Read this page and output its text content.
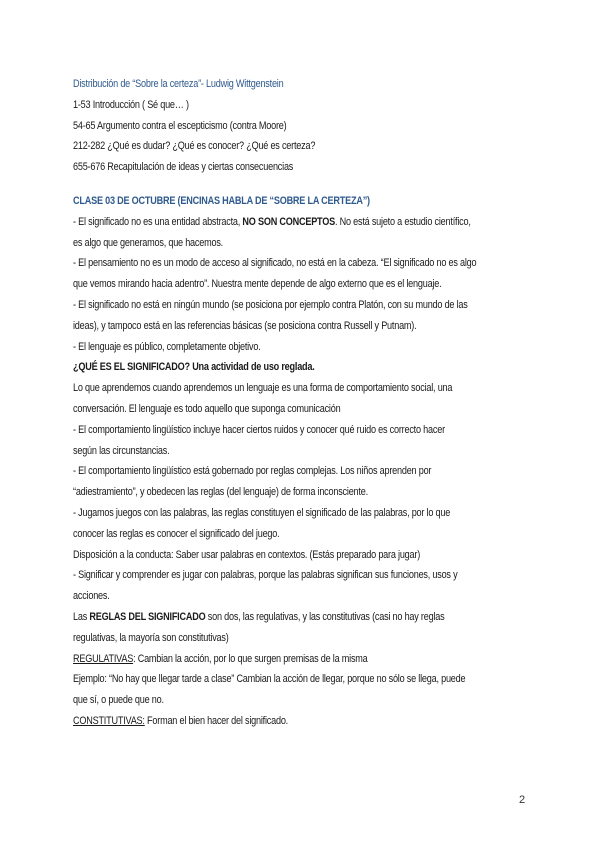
Distribución de “Sobre la certeza”- Ludwig Wittgenstein
1-53 Introducción ( Sé que… )
54-65 Argumento contra el escepticismo (contra Moore)
212-282 ¿Qué es dudar? ¿Qué es conocer? ¿Qué es certeza?
655-676 Recapitulación de ideas y ciertas consecuencias
CLASE 03 DE OCTUBRE (ENCINAS HABLA DE “SOBRE LA CERTEZA”)
- El significado no es una entidad abstracta, NO SON CONCEPTOS. No está sujeto a estudio científico,
es algo que generamos, que hacemos.
- El pensamiento no es un modo de acceso al significado, no está en la cabeza. “El significado no es algo
que vemos mirando hacia adentro”. Nuestra mente depende de algo externo que es el lenguaje.
- El significado no está en ningún mundo (se posiciona por ejemplo contra Platón, con su mundo de las
ideas), y tampoco está en las referencias básicas (se posiciona contra Russell y Putnam).
- El lenguaje es público, completamente objetivo.
¿QUÉ ES EL SIGNIFICADO? Una actividad de uso reglada.
Lo que aprendemos cuando aprendemos un lenguaje es una forma de comportamiento social, una
conversación. El lenguaje es todo aquello que suponga comunicación
- El comportamiento lingüístico incluye hacer ciertos ruidos y conocer qué ruido es correcto hacer
según las circunstancias.
- El comportamiento lingüístico está gobernado por reglas complejas. Los niños aprenden por
“adiestramiento”, y obedecen las reglas (del lenguaje) de forma inconsciente.
- Jugamos juegos con las palabras, las reglas constituyen el significado de las palabras, por lo que
conocer las reglas es conocer el significado del juego.
Disposición a la conducta: Saber usar palabras en contextos. (Estás preparado para jugar)
- Significar y comprender es jugar con palabras, porque las palabras significan sus funciones, usos y
acciones.
Las REGLAS DEL SIGNIFICADO son dos, las regulativas, y las constitutivas (casi no hay reglas
regulativas, la mayoría son constitutivas)
REGULATIVAS: Cambian la acción, por lo que surgen premisas de la misma
Ejemplo: “No hay que llegar tarde a clase” Cambian la acción de llegar, porque no sólo se llega, puede
que sí, o puede que no.
CONSTITUTIVAS: Forman el bien hacer del significado.
2
